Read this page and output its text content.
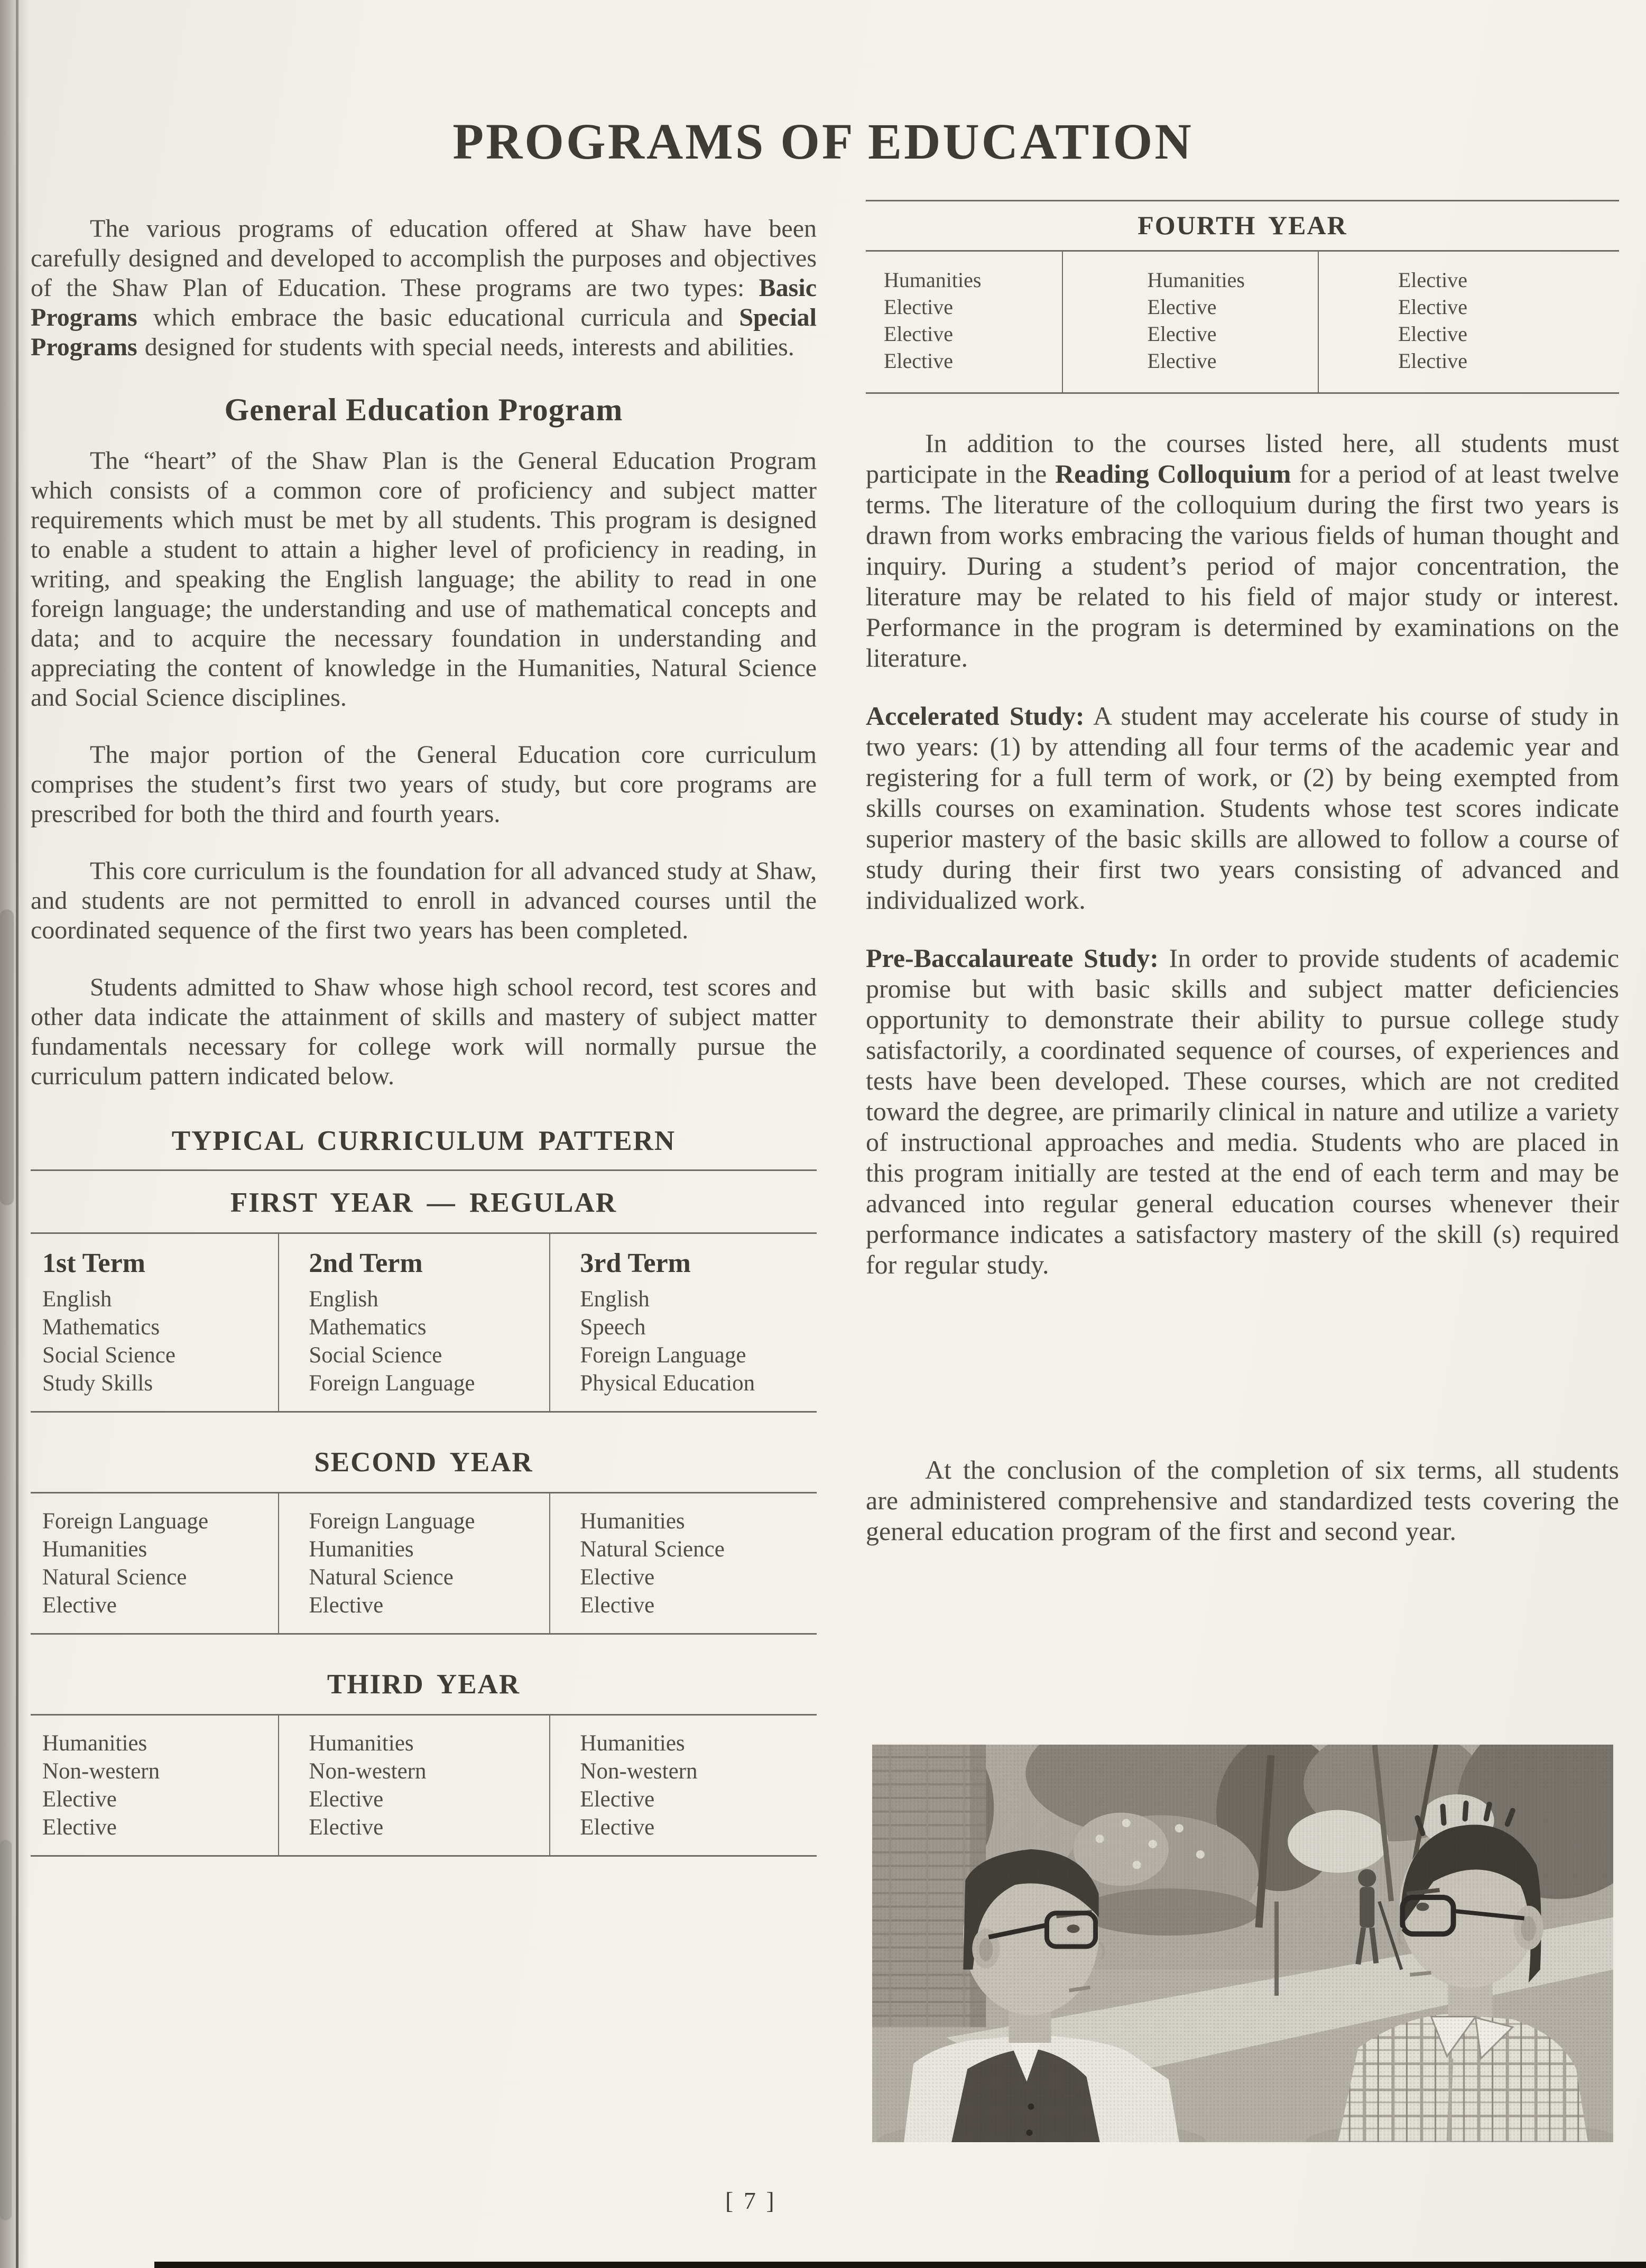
PROGRAMS OF EDUCATION
The various programs of education offered at Shaw have been carefully designed and developed to accomplish the purposes and objectives of the Shaw Plan of Education. These programs are two types: Basic Programs which embrace the basic educational curricula and Special Programs designed for students with special needs, interests and abilities.
General Education Program
The “heart” of the Shaw Plan is the General Education Program which consists of a common core of proficiency and subject matter requirements which must be met by all students. This program is designed to enable a student to attain a higher level of proficiency in reading, in writing, and speaking the English language; the ability to read in one foreign language; the understanding and use of mathematical concepts and data; and to acquire the necessary foundation in understanding and appreciating the content of knowledge in the Humanities, Natural Science and Social Science disciplines.
The major portion of the General Education core curriculum comprises the student’s first two years of study, but core programs are prescribed for both the third and fourth years.
This core curriculum is the foundation for all advanced study at Shaw, and students are not permitted to enroll in advanced courses until the coordinated sequence of the first two years has been completed.
Students admitted to Shaw whose high school record, test scores and other data indicate the attainment of skills and mastery of subject matter fundamentals necessary for college work will normally pursue the curriculum pattern indicated below.
TYPICAL CURRICULUM PATTERN
FIRST YEAR — REGULAR
1st Term
English
Mathematics
Social Science
Study Skills
2nd Term
English
Mathematics
Social Science
Foreign Language
3rd Term
English
Speech
Foreign Language
Physical Education
SECOND YEAR
Foreign Language
Humanities
Natural Science
Elective
Foreign Language
Humanities
Natural Science
Elective
Humanities
Natural Science
Elective
Elective
THIRD YEAR
Humanities
Non-western
Elective
Elective
Humanities
Non-western
Elective
Elective
Humanities
Non-western
Elective
Elective
FOURTH YEAR
Humanities
Elective
Elective
Elective
Humanities
Elective
Elective
Elective
Elective
Elective
Elective
Elective
In addition to the courses listed here, all students must participate in the Reading Colloquium for a period of at least twelve terms. The literature of the colloquium during the first two years is drawn from works embracing the various fields of human thought and inquiry. During a student’s period of major concentration, the literature may be related to his field of major study or interest. Performance in the program is determined by examinations on the literature.
Accelerated Study: A student may accelerate his course of study in two years: (1) by attending all four terms of the academic year and registering for a full term of work, or (2) by being exempted from skills courses on examination. Students whose test scores indicate superior mastery of the basic skills are allowed to follow a course of study during their first two years consisting of advanced and individualized work.
Pre-Baccalaureate Study: In order to provide students of academic promise but with basic skills and subject matter deficiencies opportunity to demonstrate their ability to pursue college study satisfactorily, a coordinated sequence of courses, of experiences and tests have been developed. These courses, which are not credited toward the degree, are primarily clinical in nature and utilize a variety of instructional approaches and media. Students who are placed in this program initially are tested at the end of each term and may be advanced into regular general education courses whenever their performance indicates a satisfactory mastery of the skill (s) required for regular study.
At the conclusion of the completion of six terms, all students are administered comprehensive and standardized tests covering the general education program of the first and second year.
[ 7 ]
